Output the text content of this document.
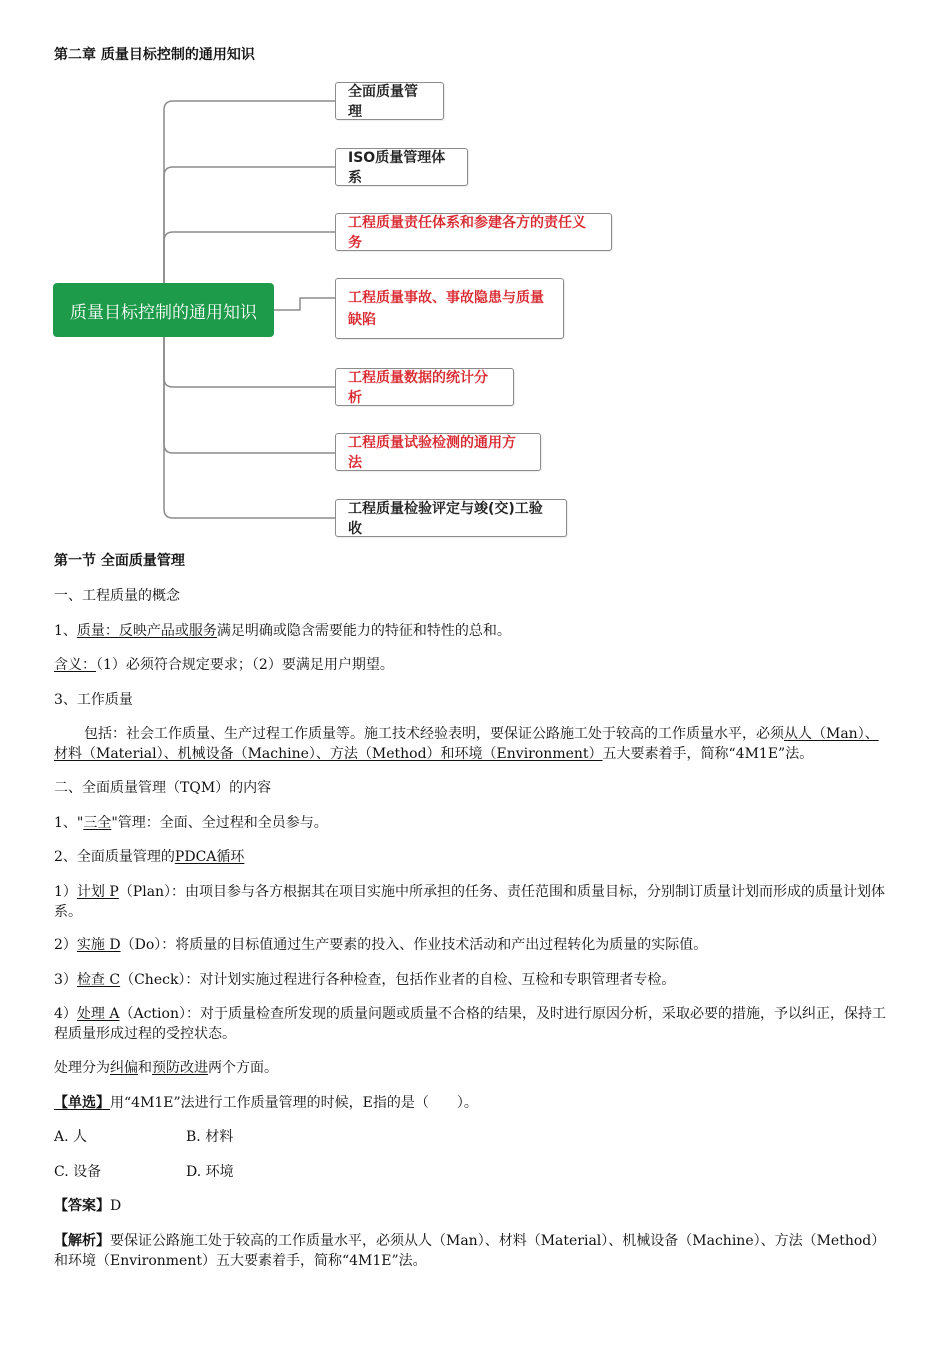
第二章 质量目标控制的通用知识
质量目标控制的通用知识
全面质量管理
ISO质量管理体系
工程质量责任体系和参建各方的责任义务
工程质量事故、事故隐患与质量缺陷
工程质量数据的统计分析
工程质量试验检测的通用方法
工程质量检验评定与竣(交)工验收
第一节 全面质量管理
一、工程质量的概念
1、质量：反映产品或服务满足明确或隐含需要能力的特征和特性的总和。
含义：（1）必须符合规定要求；（2）要满足用户期望。
3、工作质量
包括：社会工作质量、生产过程工作质量等。施工技术经验表明，要保证公路施工处于较高的工作质量水平，必须从人（Man）、材料（Material）、机械设备（Machine）、方法（Method）和环境（Environment）五大要素着手，简称“4M1E”法。
二、全面质量管理（TQM）的内容
1、"三全"管理：全面、全过程和全员参与。
2、全面质量管理的PDCA循环
1）计划 P（Plan）：由项目参与各方根据其在项目实施中所承担的任务、责任范围和质量目标，分别制订质量计划而形成的质量计划体系。
2）实施 D（Do）：将质量的目标值通过生产要素的投入、作业技术活动和产出过程转化为质量的实际值。
3）检查 C（Check）：对计划实施过程进行各种检查，包括作业者的自检、互检和专职管理者专检。
4）处理 A（Action）：对于质量检查所发现的质量问题或质量不合格的结果，及时进行原因分析，采取必要的措施，予以纠正，保持工程质量形成过程的受控状态。
处理分为纠偏和预防改进两个方面。
【单选】用“4M1E”法进行工作质量管理的时候，E指的是（　　）。
A. 人	B. 材料
C. 设备	D. 环境
【答案】D
【解析】要保证公路施工处于较高的工作质量水平，必须从人（Man）、材料（Material）、机械设备（Machine）、方法（Method）和环境（Environment）五大要素着手，简称“4M1E”法。
